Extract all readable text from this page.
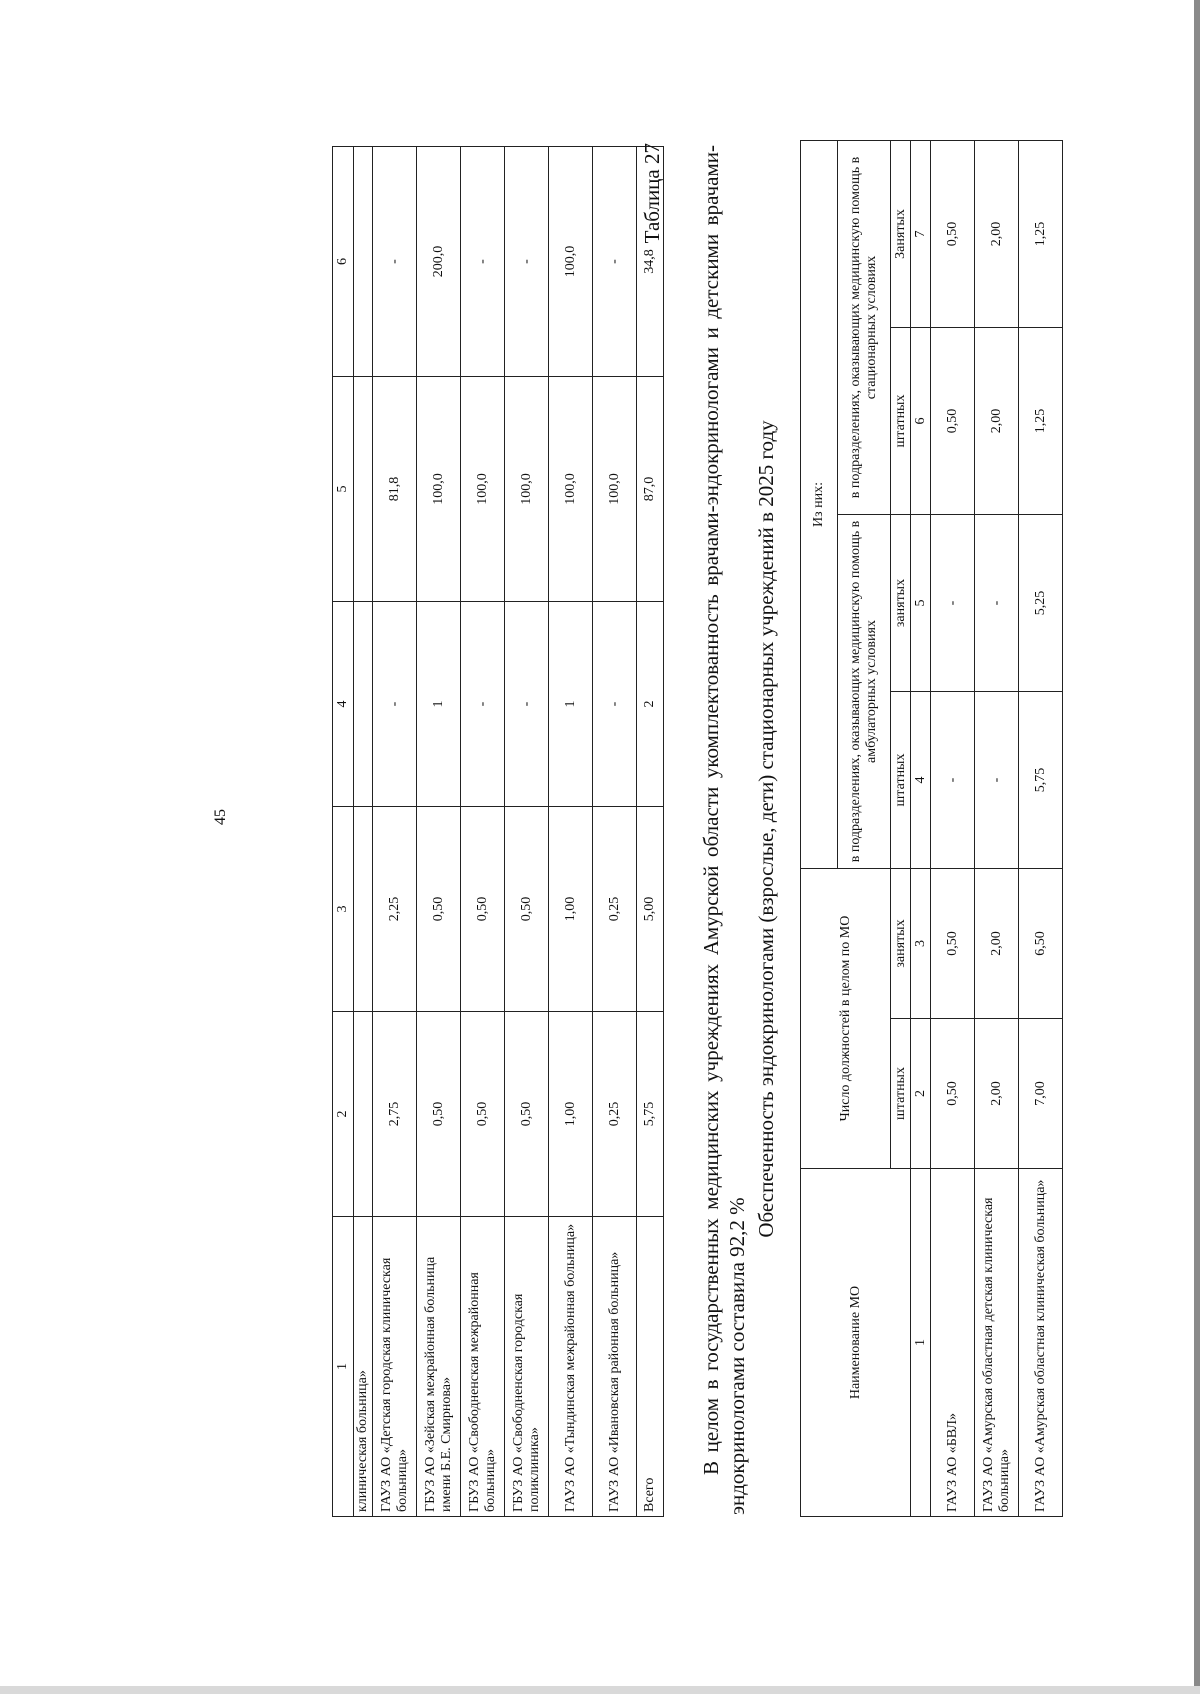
45
1	2	3	4	5	6
клиническая больница»					
ГАУЗ АО «Детская городская клиническая больница»	2,75	2,25	-	81,8	-
ГБУЗ АО «Зейская межрайонная больница имени Б.Е. Смирнова»	0,50	0,50	1	100,0	200,0
ГБУЗ АО «Свободненская межрайонная больница»	0,50	0,50	-	100,0	-
ГБУЗ АО «Свободненская городская поликлиника»	0,50	0,50	-	100,0	-
ГАУЗ АО «Тындинская межрайонная больница»	1,00	1,00	1	100,0	100,0
ГАУЗ АО «Ивановская районная больница»	0,25	0,25	-	100,0	-
Всего	5,75	5,00	2	87,0	34,8
Таблица 27 В целом в государственных медицинских учреждениях Амурской области укомплектованность врачами-эндокринологами и детскими врачами-эндокринологами составила 92,2 %

Обеспеченность эндокринологами (взрослые, дети) стационарных учреждений в 2025 году
Наименование МО	Число должностей в целом по МО		Из них:			
			в подразделениях, оказывающих медицинскую помощь в амбулаторных условиях		в подразделениях, оказывающих медицинскую помощь в стационарных условиях	
	штатных	занятых	штатных	занятых	штатных	Занятых
1	2	3	4	5	6	7
ГАУЗ АО «БВЛ»	0,50	0,50	-	-	0,50	0,50
ГАУЗ АО «Амурская областная детская клиническая больница»	2,00	2,00	-	-	2,00	2,00
ГАУЗ АО «Амурская областная клиническая больница»	7,00	6,50	5,75	5,25	1,25	1,25
